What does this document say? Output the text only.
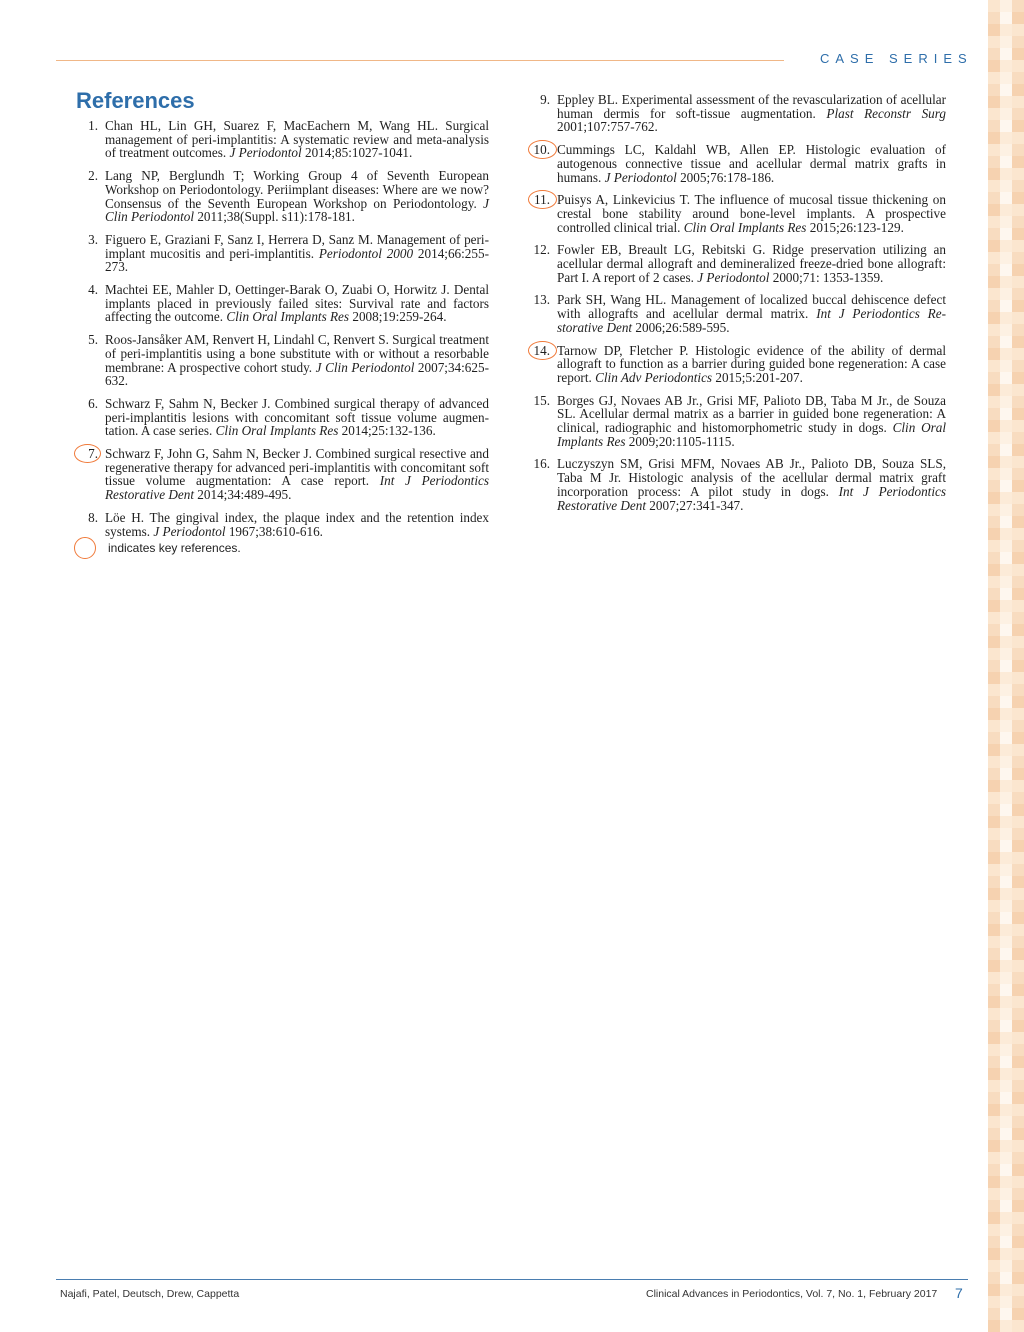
CASE SERIES
References
1. Chan HL, Lin GH, Suarez F, MacEachern M, Wang HL. Surgical management of peri-implantitis: A systematic review and meta-analysis of treatment outcomes. J Periodontol 2014;85:1027-1041.
2. Lang NP, Berglundh T; Working Group 4 of Seventh European Workshop on Periodontology. Periimplant diseases: Where are we now? Consensus of the Seventh European Workshop on Periodontology. J Clin Periodontol 2011;38(Suppl. s11):178-181.
3. Figuero E, Graziani F, Sanz I, Herrera D, Sanz M. Management of peri-implant mucositis and peri-implantitis. Periodontol 2000 2014;66:255-273.
4. Machtei EE, Mahler D, Oettinger-Barak O, Zuabi O, Horwitz J. Dental implants placed in previously failed sites: Survival rate and factors affecting the outcome. Clin Oral Implants Res 2008;19:259-264.
5. Roos-Jansåker AM, Renvert H, Lindahl C, Renvert S. Surgical treatment of peri-implantitis using a bone substitute with or without a resorbable membrane: A prospective cohort study. J Clin Periodontol 2007;34:625-632.
6. Schwarz F, Sahm N, Becker J. Combined surgical therapy of advanced peri-implantitis lesions with concomitant soft tissue volume augmentation. A case series. Clin Oral Implants Res 2014;25:132-136.
7. Schwarz F, John G, Sahm N, Becker J. Combined surgical resective and regenerative therapy for advanced peri-implantitis with concomitant soft tissue volume augmentation: A case report. Int J Periodontics Restorative Dent 2014;34:489-495.
8. Löe H. The gingival index, the plaque index and the retention index systems. J Periodontol 1967;38:610-616.
9. Eppley BL. Experimental assessment of the revascularization of acellular human dermis for soft-tissue augmentation. Plast Reconstr Surg 2001;107:757-762.
10. Cummings LC, Kaldahl WB, Allen EP. Histologic evaluation of autogenous connective tissue and acellular dermal matrix grafts in humans. J Periodontol 2005;76:178-186.
11. Puisys A, Linkevicius T. The influence of mucosal tissue thickening on crestal bone stability around bone-level implants. A prospective controlled clinical trial. Clin Oral Implants Res 2015;26:123-129.
12. Fowler EB, Breault LG, Rebitski G. Ridge preservation utilizing an acellular dermal allograft and demineralized freeze-dried bone allograft: Part I. A report of 2 cases. J Periodontol 2000;71: 1353-1359.
13. Park SH, Wang HL. Management of localized buccal dehiscence defect with allografts and acellular dermal matrix. Int J Periodontics Restorative Dent 2006;26:589-595.
14. Tarnow DP, Fletcher P. Histologic evidence of the ability of dermal allograft to function as a barrier during guided bone regeneration: A case report. Clin Adv Periodontics 2015;5:201-207.
15. Borges GJ, Novaes AB Jr., Grisi MF, Palioto DB, Taba M Jr., de Souza SL. Acellular dermal matrix as a barrier in guided bone regeneration: A clinical, radiographic and histomorphometric study in dogs. Clin Oral Implants Res 2009;20:1105-1115.
16. Luczyszyn SM, Grisi MFM, Novaes AB Jr., Palioto DB, Souza SLS, Taba M Jr. Histologic analysis of the acellular dermal matrix graft incorporation process: A pilot study in dogs. Int J Periodontics Restorative Dent 2007;27:341-347.
indicates key references.
Najafi, Patel, Deutsch, Drew, Cappetta	Clinical Advances in Periodontics, Vol. 7, No. 1, February 2017 7
